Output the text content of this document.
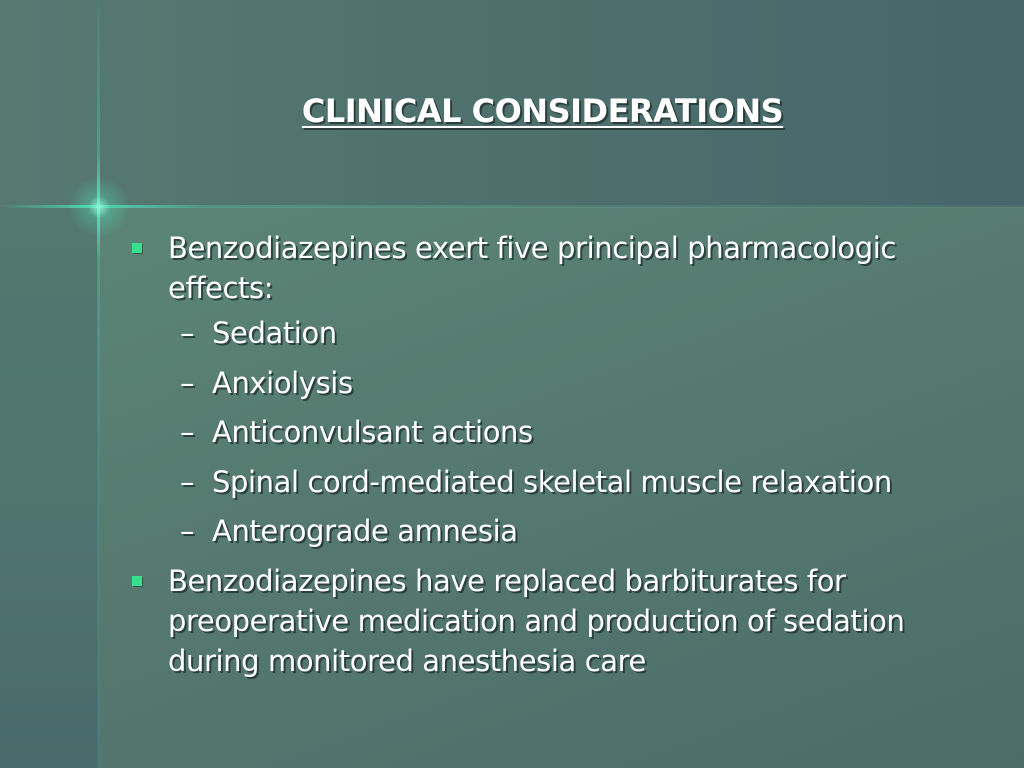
CLINICAL CONSIDERATIONS
Benzodiazepines exert five principal pharmacologic effects:
– Sedation
– Anxiolysis
– Anticonvulsant actions
– Spinal cord-mediated skeletal muscle relaxation
– Anterograde amnesia
Benzodiazepines have replaced barbiturates for preoperative medication and production of sedation during monitored anesthesia care
